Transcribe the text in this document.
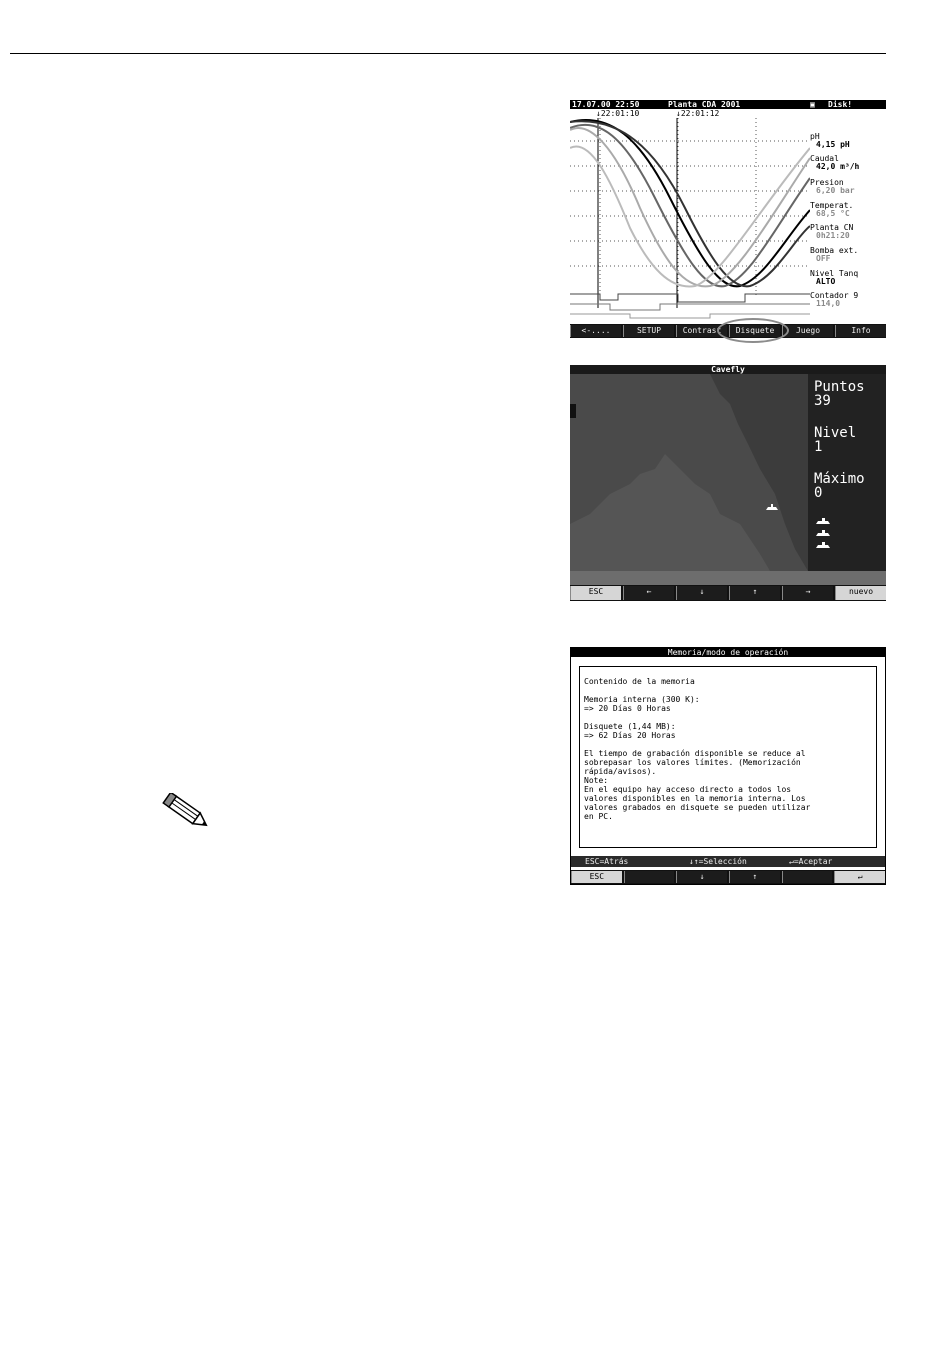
17.07.00 22:50	Planta CDA 2001	▣ Disk!
↓22:01:10	↓22:01:12
pH
4,15 pH
Caudal
42,0 m³/h
Presion
6,20 bar
Temperat.
68,5 °C
Planta CN
0h21:20
Bomba ext.
OFF
Nivel Tanq
ALTO
Contador 9
114,0
<-....	SETUP	Contrast	Disquete	Juego	Info
Cavefly
Puntos
39
Nivel
1
Máximo
0
ESC	←	↓	↑	→	nuevo
Memoria/modo de operación

Contenido de la memoria

Memoria interna (300 K):
=> 20 Días 0 Horas

Disquete (1,44 MB):
=> 62 Días 20 Horas

El tiempo de grabación disponible se reduce al
sobrepasar los valores límites. (Memorización
rápida/avisos).

Note:
En el equipo hay acceso directo a todos los
valores disponibles en la memoria interna. Los
valores grabados en disquete se pueden utilizar
en PC.

ESC=Atrás	↓↑=Selección	↵=Aceptar
ESC	↓	↑	↵
